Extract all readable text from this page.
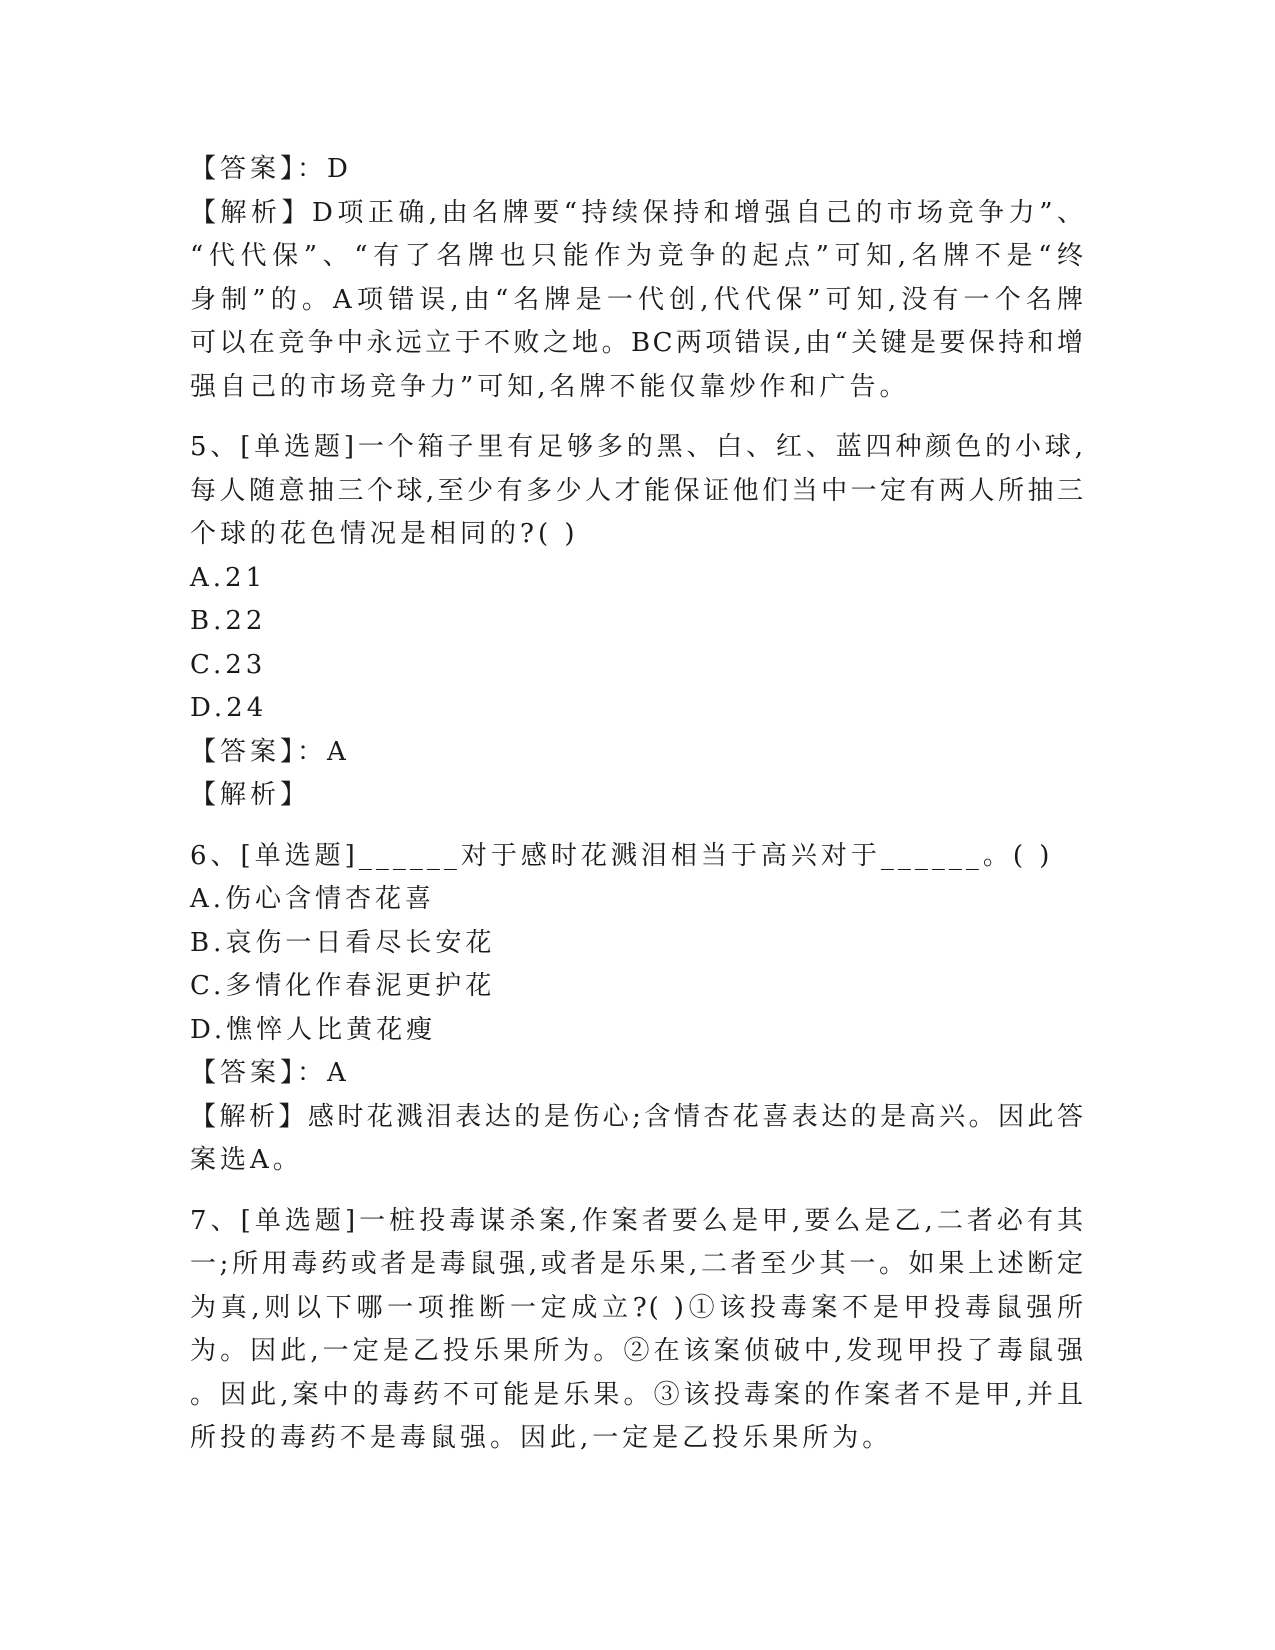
【答案】：D

【解析】D项正确,由名牌要“持续保持和增强自己的市场竞争力”、

“代代保”、“有了名牌也只能作为竞争的起点”可知,名牌不是“终

身制”的。A项错误,由“名牌是一代创,代代保”可知,没有一个名牌

可以在竞争中永远立于不败之地。BC两项错误,由“关键是要保持和增

强自己的市场竞争力”可知,名牌不能仅靠炒作和广告。

5、[单选题]一个箱子里有足够多的黑、白、红、蓝四种颜色的小球,

每人随意抽三个球,至少有多少人才能保证他们当中一定有两人所抽三

个球的花色情况是相同的?( )

A.21

B.22

C.23

D.24

【答案】：A

【解析】

6、[单选题]______对于感时花溅泪相当于高兴对于______。( )

A.伤心含情杏花喜

B.哀伤一日看尽长安花

C.多情化作春泥更护花

D.憔悴人比黄花瘦

【答案】：A

【解析】感时花溅泪表达的是伤心;含情杏花喜表达的是高兴。因此答

案选A。

7、[单选题]一桩投毒谋杀案,作案者要么是甲,要么是乙,二者必有其

一;所用毒药或者是毒鼠强,或者是乐果,二者至少其一。如果上述断定

为真,则以下哪一项推断一定成立?( )①该投毒案不是甲投毒鼠强所

为。因此,一定是乙投乐果所为。②在该案侦破中,发现甲投了毒鼠强

。因此,案中的毒药不可能是乐果。③该投毒案的作案者不是甲,并且

所投的毒药不是毒鼠强。因此,一定是乙投乐果所为。
